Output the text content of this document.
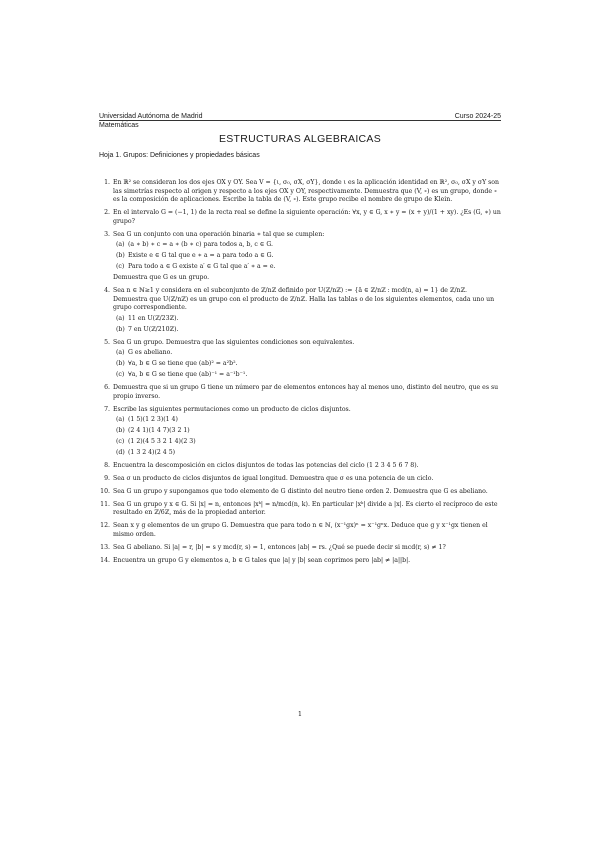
Universidad Autónoma de Madrid	Curso 2024-25
Matemáticas
ESTRUCTURAS ALGEBRAICAS
Hoja 1. Grupos: Definiciones y propiedades básicas
1. En ℝ² se consideran los dos ejes OX y OY. Sea V = {ι, σ₀, σX, σY}, donde ι es la aplicación identidad en ℝ², σ₀, σX y σY son las simetrías respecto al origen y respecto a los ejes OX y OY, respectivamente. Demuestra que (V, ∘) es un grupo, donde ∘ es la composición de aplicaciones. Escribe la tabla de (V, ∘). Este grupo recibe el nombre de grupo de Klein.
2. En el intervalo G = (−1, 1) de la recta real se define la siguiente operación: ∀x, y ∈ G, x ∗ y = (x + y)/(1 + xy). ¿Es (G, ∗) un grupo?
3. Sea G un conjunto con una operación binaria ∗ tal que se cumplen:
(a) (a ∗ b) ∗ c = a ∗ (b ∗ c) para todos a, b, c ∈ G.
(b) Existe e ∈ G tal que e ∗ a = a para todo a ∈ G.
(c) Para todo a ∈ G existe a′ ∈ G tal que a′ ∗ a = e.
Demuestra que G es un grupo.
4. Sea n ∈ ℕ≥1 y considera en el subconjunto de ℤ/nℤ definido por U(ℤ/nℤ) := {ā ∈ ℤ/nℤ : mcd(n, a) = 1} de ℤ/nℤ. Demuestra que U(ℤ/nℤ) es un grupo con el producto de ℤ/nℤ. Halla las tablas o de los siguientes elementos, cada uno un grupo correspondiente.
(a) 11 en U(ℤ/23ℤ).
(b) 7 en U(ℤ/210ℤ).
5. Sea G un grupo. Demuestra que las siguientes condiciones son equivalentes.
(a) G es abeliano.
(b) ∀a, b ∈ G se tiene que (ab)² = a²b².
(c) ∀a, b ∈ G se tiene que (ab)⁻¹ = a⁻¹b⁻¹.
6. Demuestra que si un grupo G tiene un número par de elementos entonces hay al menos uno, distinto del neutro, que es su propio inverso.
7. Escribe las siguientes permutaciones como un producto de ciclos disjuntos.
(a) (1 5)(1 2 3)(1 4)
(b) (2 4 1)(1 4 7)(3 2 1)
(c) (1 2)(4 5 3 2 1 4)(2 3)
(d) (1 3 2 4)(2 4 5)
8. Encuentra la descomposición en ciclos disjuntos de todas las potencias del ciclo (1 2 3 4 5 6 7 8).
9. Sea σ un producto de ciclos disjuntos de igual longitud. Demuestra que σ es una potencia de un ciclo.
10. Sea G un grupo y supongamos que todo elemento de G distinto del neutro tiene orden 2. Demuestra que G es abeliano.
11. Sea G un grupo y x ∈ G. Si |x| = n, entonces |xᵏ| = n/mcd(n, k). En particular |xᵏ| divide a |x|. Es cierto el recíproco de este resultado en ℤ/6ℤ, más de la propiedad anterior.
12. Sean x y g elementos de un grupo G. Demuestra que para todo n ∈ ℕ, (x⁻¹gx)ⁿ = x⁻¹gⁿx. Deduce que g y x⁻¹gx tienen el mismo orden.
13. Sea G abeliano. Si |a| = r, |b| = s y mcd(r, s) = 1, entonces |ab| = rs. ¿Qué se puede decir si mcd(r, s) ≠ 1?
14. Encuentra un grupo G y elementos a, b ∈ G tales que |a| y |b| sean coprimos pero |ab| ≠ |a||b|.
1
